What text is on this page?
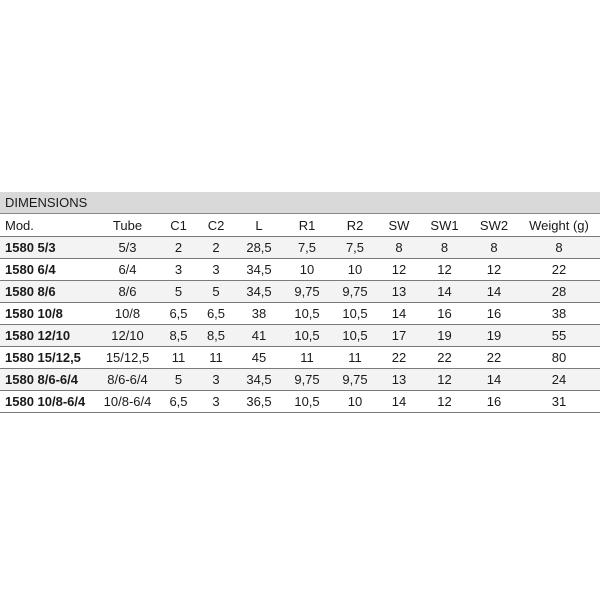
DIMENSIONS
Mod.	Tube	C1	C2	L	R1	R2	SW	SW1	SW2	Weight (g)
1580 5/3	5/3	2	2	28,5	7,5	7,5	8	8	8	8
1580 6/4	6/4	3	3	34,5	10	10	12	12	12	22
1580 8/6	8/6	5	5	34,5	9,75	9,75	13	14	14	28
1580 10/8	10/8	6,5	6,5	38	10,5	10,5	14	16	16	38
1580 12/10	12/10	8,5	8,5	41	10,5	10,5	17	19	19	55
1580 15/12,5	15/12,5	11	11	45	11	11	22	22	22	80
1580 8/6-6/4	8/6-6/4	5	3	34,5	9,75	9,75	13	12	14	24
1580 10/8-6/4	10/8-6/4	6,5	3	36,5	10,5	10	14	12	16	31
